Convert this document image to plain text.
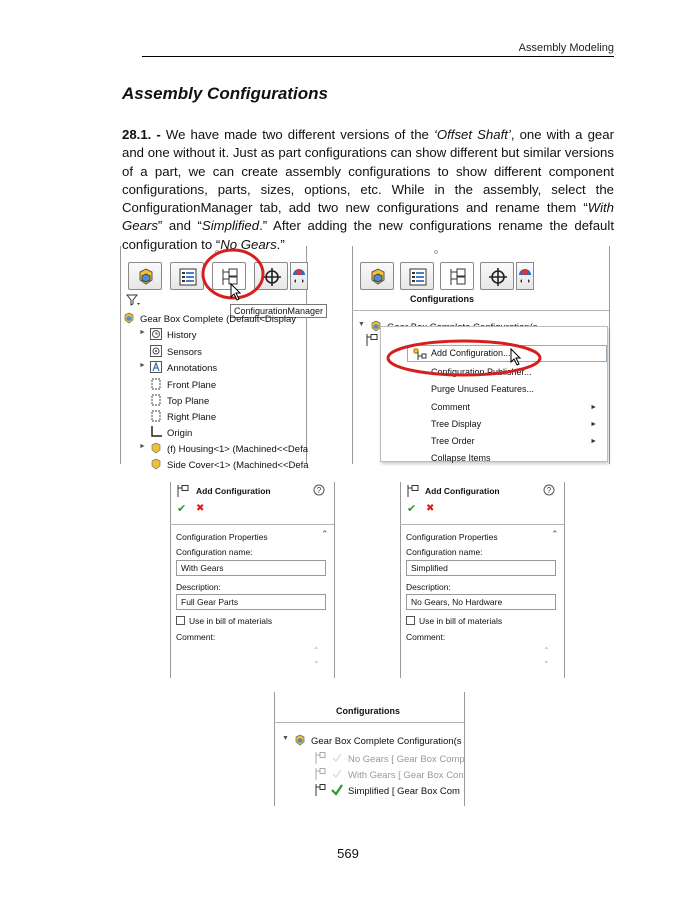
Assembly Modeling
Assembly Configurations
28.1. - We have made two different versions of the ‘Offset Shaft’, one with a gear and one without it. Just as part configurations can show different but similar versions of a part, we can create assembly configurations to show different component configurations, parts, sizes, options, etc. While in the assembly, select the ConfigurationManager tab, add two new configurations and rename them “With Gears” and “Simplified.” After adding the new configurations rename the default configuration to “No Gears.”
ConfigurationManager
Gear Box Complete (Default<Display
►	History
Sensors
►	Annotations
Front Plane
Top Plane
Right Plane
Origin
►	(f) Housing<1> (Machined<<Defa
Side Cover<1> (Machined<<Defa
Configurations
▼
Add Configuration...
Configuration Publisher...
Purge Unused Features...
Comment	►
Tree Display	►
Tree Order	►
Collapse Items
Add Configuration	?
✔ ✖
Configuration Properties	⌃
Configuration name:
With Gears
Description:
Full Gear Parts
Use in bill of materials
Comment:
⌃
⌄
Add Configuration	?
✔ ✖
Configuration Properties	⌃
Configuration name:
Simplified
Description:
No Gears, No Hardware
Use in bill of materials
Comment:
⌃
⌄
Configurations
▼	Gear Box Complete Configuration(s
No Gears [ Gear Box Comp
With Gears [ Gear Box Con
Simplified [ Gear Box Com
569
